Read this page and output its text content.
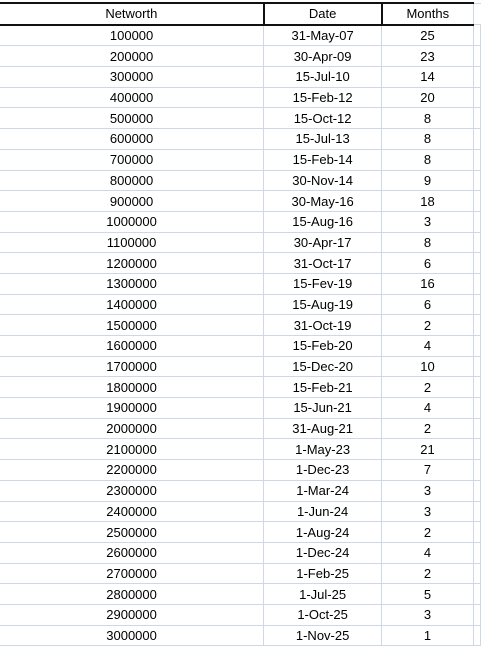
Networth	Date	Months	
100000	31-May-07	25	
200000	30-Apr-09	23	
300000	15-Jul-10	14	
400000	15-Feb-12	20	
500000	15-Oct-12	8	
600000	15-Jul-13	8	
700000	15-Feb-14	8	
800000	30-Nov-14	9	
900000	30-May-16	18	
1000000	15-Aug-16	3	
1100000	30-Apr-17	8	
1200000	31-Oct-17	6	
1300000	15-Fev-19	16	
1400000	15-Aug-19	6	
1500000	31-Oct-19	2	
1600000	15-Feb-20	4	
1700000	15-Dec-20	10	
1800000	15-Feb-21	2	
1900000	15-Jun-21	4	
2000000	31-Aug-21	2	
2100000	1-May-23	21	
2200000	1-Dec-23	7	
2300000	1-Mar-24	3	
2400000	1-Jun-24	3	
2500000	1-Aug-24	2	
2600000	1-Dec-24	4	
2700000	1-Feb-25	2	
2800000	1-Jul-25	5	
2900000	1-Oct-25	3	
3000000	1-Nov-25	1	
